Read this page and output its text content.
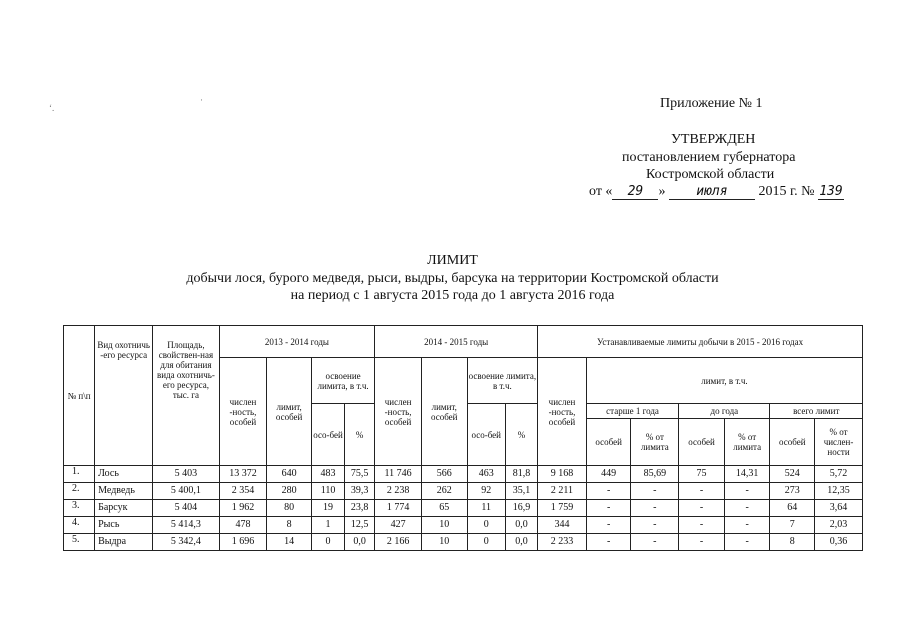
‘.
·	Приложение № 1
УТВЕРЖДЕН
постановлением губернатора
Костромской области
от « 29 » июля 2015 г. № 139
ЛИМИТ
добычи лося, бурого медведя, рыси, выдры, барсука на территории Костромской области
на период с 1 августа 2015 года до 1 августа 2016 года
№ п\п	Вид охотничь -его ресурса	Площадь, свойствен-ная для обитания вида охотничь-его ресурса, тыс. га	2013 - 2014 годы				2014 - 2015 годы				Устанавливаемые лимиты добычи в 2015 - 2016 годах						
			числен -ность, особей	лимит, особей	освоение лимита, в т.ч.		числен -ность, особей	лимит, особей	освоение лимита, в т.ч.		числен -ность, особей	лимит, в т.ч.					
					осо-бей	%			осо-бей	%		старше 1 года		до года		всего лимит	
												особей	% от лимита	особей	% от лимита	особей	% от числен-ности
1.	Лось	5 403	13 372	640	483	75,5	11 746	566	463	81,8	9 168	449	85,69	75	14,31	524	5,72
2.	Медведь	5 400,1	2 354	280	110	39,3	2 238	262	92	35,1	2 211	-	-	-	-	273	12,35
3.	Барсук	5 404	1 962	80	19	23,8	1 774	65	11	16,9	1 759	-	-	-	-	64	3,64
4.	Рысь	5 414,3	478	8	1	12,5	427	10	0	0,0	344	-	-	-	-	7	2,03
5.	Выдра	5 342,4	1 696	14	0	0,0	2 166	10	0	0,0	2 233	-	-	-	-	8	0,36
